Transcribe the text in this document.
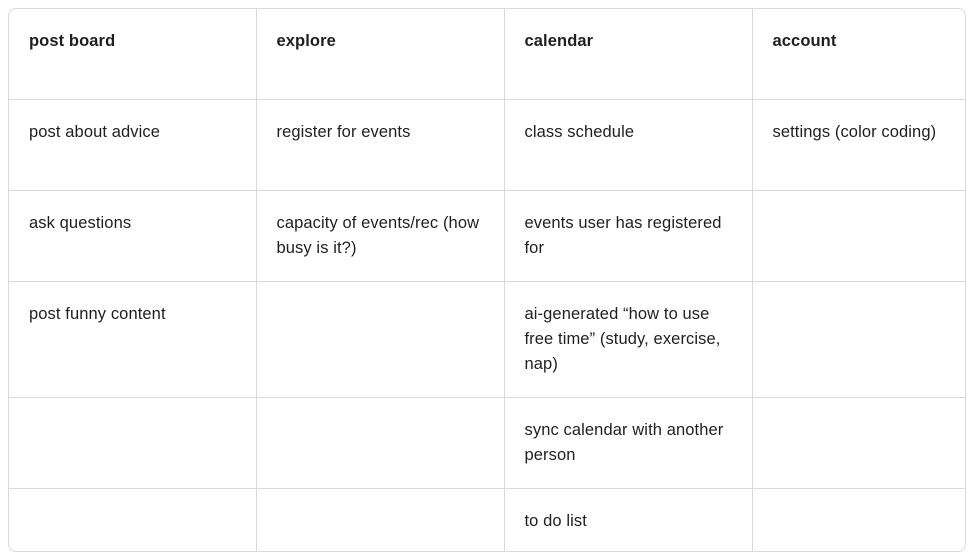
post board	explore	calendar	account
post about advice	register for events	class schedule	settings (color coding)
ask questions	capacity of events/rec (how busy is it?)	events user has registered for	
post funny content		ai-generated “how to use free time” (study, exercise, nap)	
		sync calendar with another person	
		to do list	
